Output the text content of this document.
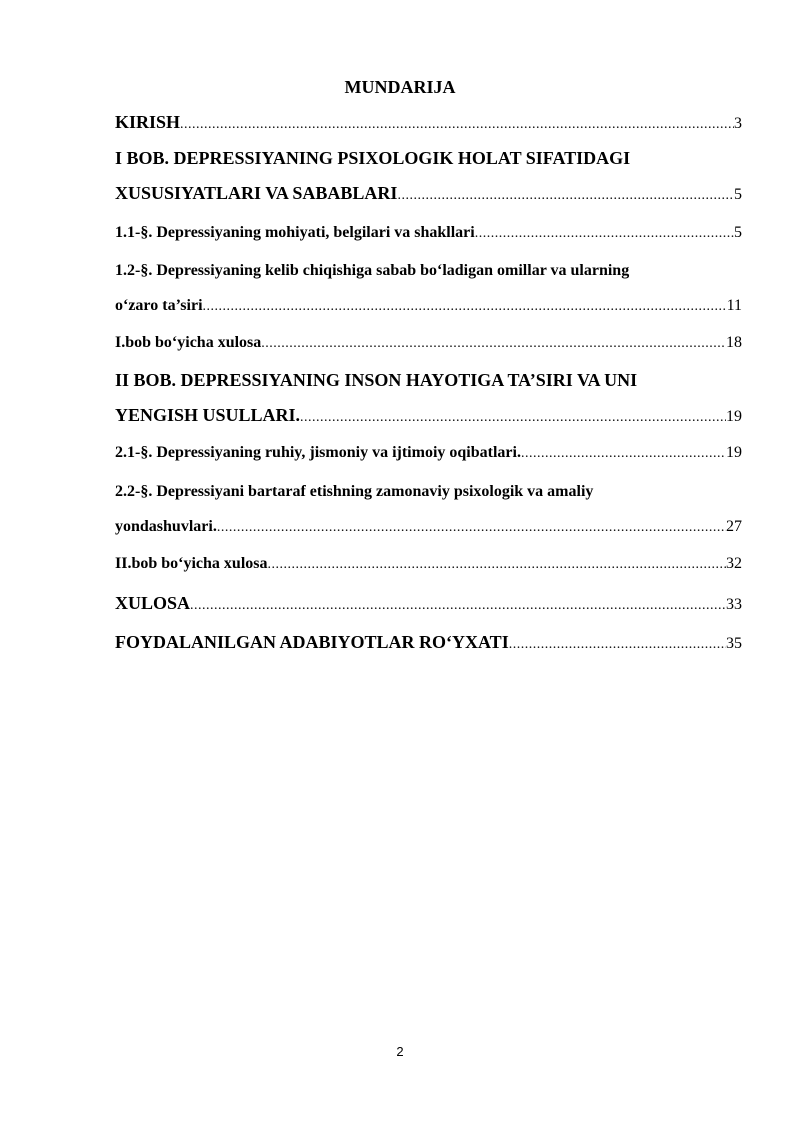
MUNDARIJA
KIRISH .....	3
I BOB. DEPRESSIYANING PSIXOLOGIK HOLAT SIFATIDAGI
XUSUSIYATLARI VA SABABLARI .....	5
1.1-§. Depressiyaning mohiyati, belgilari va shakllari .....	5
1.2-§. Depressiyaning kelib chiqishiga sabab bo‘ladigan omillar va ularning
o‘zaro ta’siri .....	11
I.bob bo‘yicha xulosa .....	18
II BOB. DEPRESSIYANING INSON HAYOTIGA TA’SIRI VA UNI
YENGISH USULLARI. .....	19
2.1-§. Depressiyaning ruhiy, jismoniy va ijtimoiy oqibatlari. .....	19
2.2-§. Depressiyani bartaraf etishning zamonaviy psixologik va amaliy
yondashuvlari. .....	27
II.bob bo‘yicha xulosa .....	32
XULOSA .....	33
FOYDALANILGAN ADABIYOTLAR RO‘YXATI .....	35
2
